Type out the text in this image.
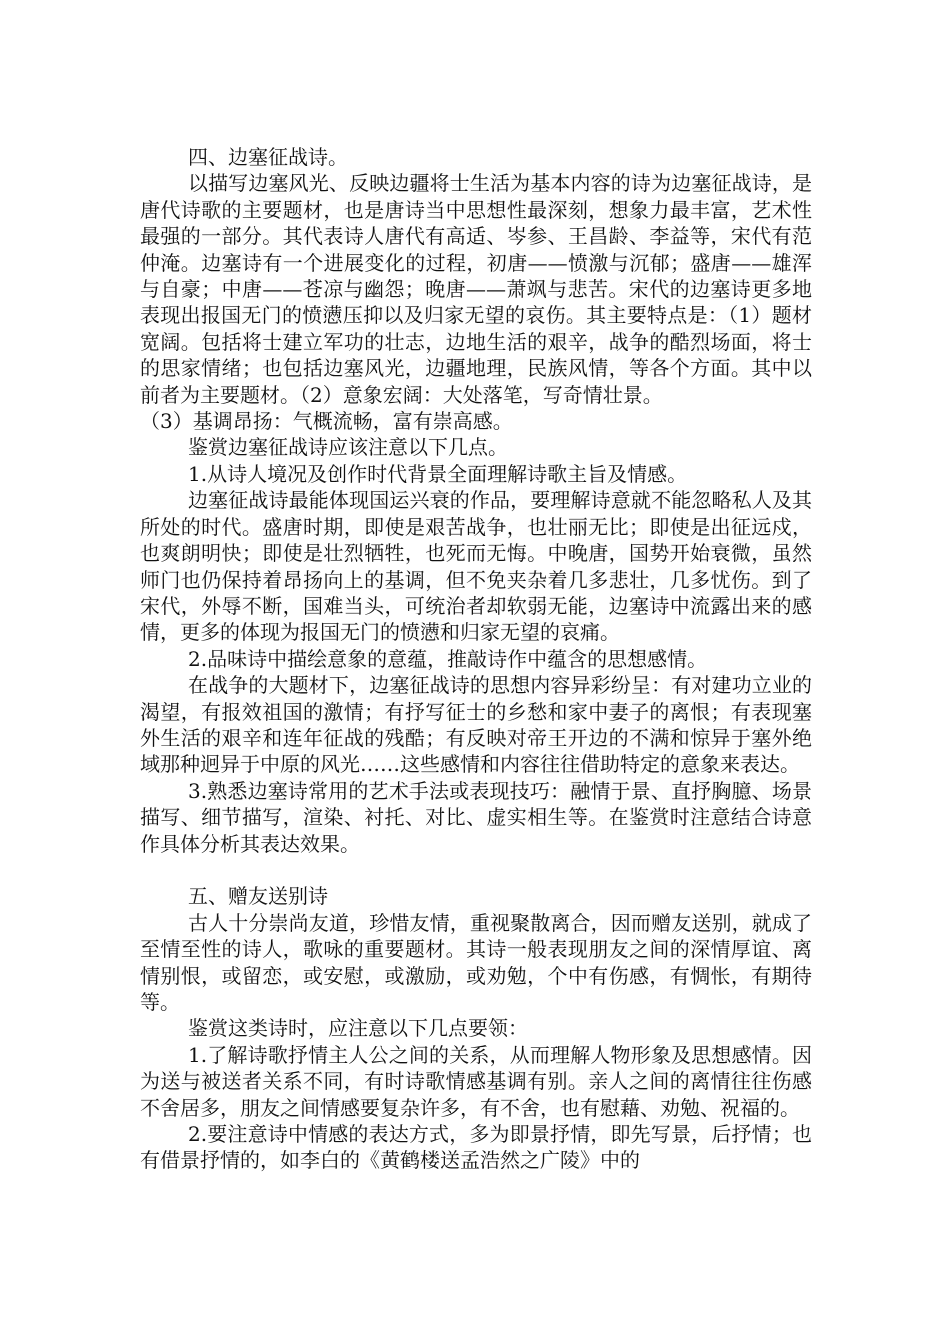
四、边塞征战诗。

以描写边塞风光、反映边疆将士生活为基本内容的诗为边塞征战诗，是唐代诗歌的主要题材，也是唐诗当中思想性最深刻，想象力最丰富，艺术性最强的一部分。其代表诗人唐代有高适、岑参、王昌龄、李益等，宋代有范仲淹。边塞诗有一个进展变化的过程，初唐——愤激与沉郁；盛唐——雄浑与自豪；中唐——苍凉与幽怨；晚唐——萧飒与悲苦。宋代的边塞诗更多地表现出报国无门的愤懑压抑以及归家无望的哀伤。其主要特点是：（1）题材宽阔。包括将士建立军功的壮志，边地生活的艰辛，战争的酷烈场面，将士的思家情绪；也包括边塞风光，边疆地理，民族风情，等各个方面。其中以前者为主要题材。（2）意象宏阔：大处落笔，写奇情壮景。

（3）基调昂扬：气概流畅，富有崇高感。

鉴赏边塞征战诗应该注意以下几点。

1.从诗人境况及创作时代背景全面理解诗歌主旨及情感。

边塞征战诗最能体现国运兴衰的作品，要理解诗意就不能忽略私人及其所处的时代。盛唐时期，即使是艰苦战争，也壮丽无比；即使是出征远戍，也爽朗明快；即使是壮烈牺牲，也死而无悔。中晚唐，国势开始衰微，虽然师门也仍保持着昂扬向上的基调，但不免夹杂着几多悲壮，几多忧伤。到了宋代，外辱不断，国难当头，可统治者却软弱无能，边塞诗中流露出来的感情，更多的体现为报国无门的愤懑和归家无望的哀痛。

2.品味诗中描绘意象的意蕴，推敲诗作中蕴含的思想感情。

在战争的大题材下，边塞征战诗的思想内容异彩纷呈：有对建功立业的渴望，有报效祖国的激情；有抒写征士的乡愁和家中妻子的离恨；有表现塞外生活的艰辛和连年征战的残酷；有反映对帝王开边的不满和惊异于塞外绝域那种迥异于中原的风光……这些感情和内容往往借助特定的意象来表达。

3.熟悉边塞诗常用的艺术手法或表现技巧：融情于景、直抒胸臆、场景描写、细节描写，渲染、衬托、对比、虚实相生等。在鉴赏时注意结合诗意作具体分析其表达效果。

五、赠友送别诗

古人十分崇尚友道，珍惜友情，重视聚散离合，因而赠友送别，就成了至情至性的诗人，歌咏的重要题材。其诗一般表现朋友之间的深情厚谊、离情别恨，或留恋，或安慰，或激励，或劝勉，个中有伤感，有惆怅，有期待等。

鉴赏这类诗时，应注意以下几点要领：

1.了解诗歌抒情主人公之间的关系，从而理解人物形象及思想感情。因为送与被送者关系不同，有时诗歌情感基调有别。亲人之间的离情往往伤感不舍居多，朋友之间情感要复杂许多，有不舍，也有慰藉、劝勉、祝福的。

2.要注意诗中情感的表达方式，多为即景抒情，即先写景，后抒情；也有借景抒情的，如李白的《黄鹤楼送孟浩然之广陵》中的
